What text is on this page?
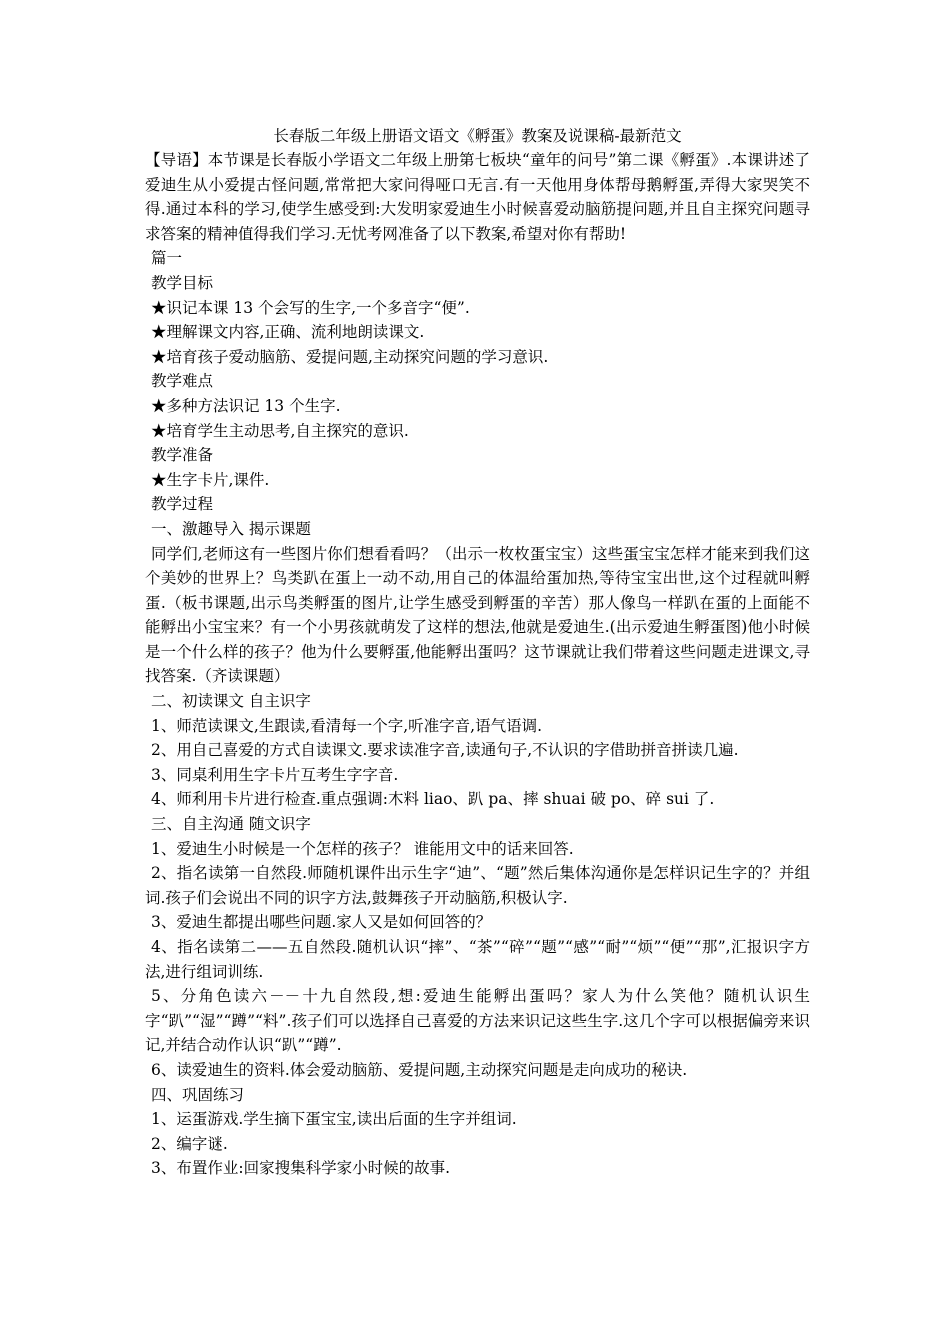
长春版二年级上册语文语文《孵蛋》教案及说课稿-最新范文

【导语】本节课是长春版小学语文二年级上册第七板块“童年的问号”第二课《孵蛋》.本课讲述了爱迪生从小爱提古怪问题,常常把大家问得哑口无言.有一天他用身体帮母鹅孵蛋,弄得大家哭笑不得.通过本科的学习,使学生感受到:大发明家爱迪生小时候喜爱动脑筋提问题,并且自主探究问题寻求答案的精神值得我们学习.无忧考网准备了以下教案,希望对你有帮助!

篇一

教学目标

★识记本课 13 个会写的生字,一个多音字“便”.

★理解课文内容,正确、流利地朗读课文.

★培育孩子爱动脑筋、爱提问题,主动探究问题的学习意识.

教学难点

★多种方法识记 13 个生字.

★培育学生主动思考,自主探究的意识.

教学准备

★生字卡片,课件.

教学过程

一、激趣导入 揭示课题

同学们,老师这有一些图片你们想看看吗？（出示一枚枚蛋宝宝）这些蛋宝宝怎样才能来到我们这个美妙的世界上？鸟类趴在蛋上一动不动,用自己的体温给蛋加热,等待宝宝出世,这个过程就叫孵蛋.（板书课题,出示鸟类孵蛋的图片,让学生感受到孵蛋的辛苦）那人像鸟一样趴在蛋的上面能不能孵出小宝宝来？有一个小男孩就萌发了这样的想法,他就是爱迪生.(出示爱迪生孵蛋图)他小时候是一个什么样的孩子？他为什么要孵蛋,他能孵出蛋吗？这节课就让我们带着这些问题走进课文,寻找答案.（齐读课题）

二、初读课文 自主识字

1、师范读课文,生跟读,看清每一个字,听准字音,语气语调.

2、用自己喜爱的方式自读课文.要求读准字音,读通句子,不认识的字借助拼音拼读几遍.

3、同桌利用生字卡片互考生字字音.

4、师利用卡片进行检查.重点强调:木料 liao、趴 pa、摔 shuai 破 po、碎 sui 了.

三、自主沟通 随文识字

1、爱迪生小时候是一个怎样的孩子？ 谁能用文中的话来回答.

2、指名读第一自然段.师随机课件出示生字“迪”、“题”然后集体沟通你是怎样识记生字的？并组词.孩子们会说出不同的识字方法,鼓舞孩子开动脑筋,积极认字.

3、爱迪生都提出哪些问题.家人又是如何回答的？

4、指名读第二——五自然段.随机认识“摔”、“茶”“碎”“题”“感”“耐”“烦”“便”“那”,汇报识字方法,进行组词训练.

5、分角色读六－－十九自然段,想:爱迪生能孵出蛋吗？家人为什么笑他？随机认识生字“趴”“湿”“蹲”“料”.孩子们可以选择自己喜爱的方法来识记这些生字.这几个字可以根据偏旁来识记,并结合动作认识“趴”“蹲”.

6、读爱迪生的资料.体会爱动脑筋、爱提问题,主动探究问题是走向成功的秘诀.

四、巩固练习

1、运蛋游戏.学生摘下蛋宝宝,读出后面的生字并组词.

2、编字谜.

3、布置作业:回家搜集科学家小时候的故事.
